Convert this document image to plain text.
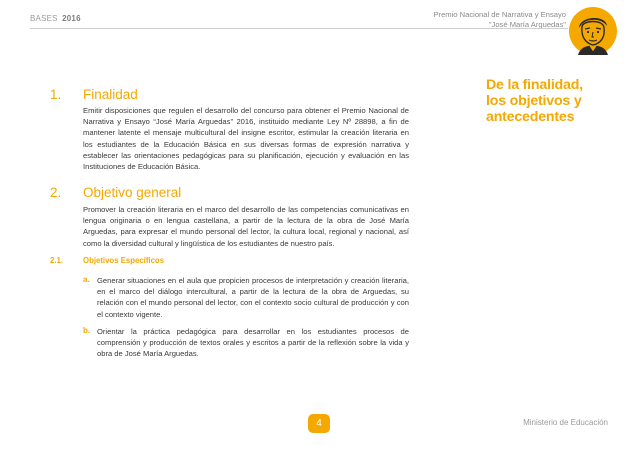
BASES 2016	Premio Nacional de Narrativa y Ensayo
"José María Arguedas"
De la finalidad,
los objetivos y
antecedentes
1. Finalidad
Emitir disposiciones que regulen el desarrollo del concurso para obtener el Premio Nacional de Narrativa y Ensayo “José María Arguedas” 2016, instituido mediante Ley Nº 28898, a fin de mantener latente el mensaje multicultural del insigne escritor, estimular la creación literaria en los estudiantes de la Educación Básica en sus diversas formas de expresión narrativa y establecer las orientaciones pedagógicas para su planificación, ejecución y evaluación en las Instituciones de Educación Básica.
2. Objetivo general
Promover la creación literaria en el marco del desarrollo de las competencias comunicativas en lengua originaria o en lengua castellana, a partir de la lectura de la obra de José María Arguedas, para expresar el mundo personal del lector, la cultura local, regional y nacional, así como la diversidad cultural y lingüística de los estudiantes de nuestro país.
2.1.	Objetivos Específicos
a. Generar situaciones en el aula que propicien procesos de interpretación y creación literaria, en el marco del diálogo intercultural, a partir de la lectura de la obra de Arguedas, su relación con el mundo personal del lector, con el contexto socio cultural de producción y con el contexto vigente.
b. Orientar la práctica pedagógica para desarrollar en los estudiantes procesos de comprensión y producción de textos orales y escritos a partir de la reflexión sobre la vida y obra de José María Arguedas.
4	Ministerio de Educación
